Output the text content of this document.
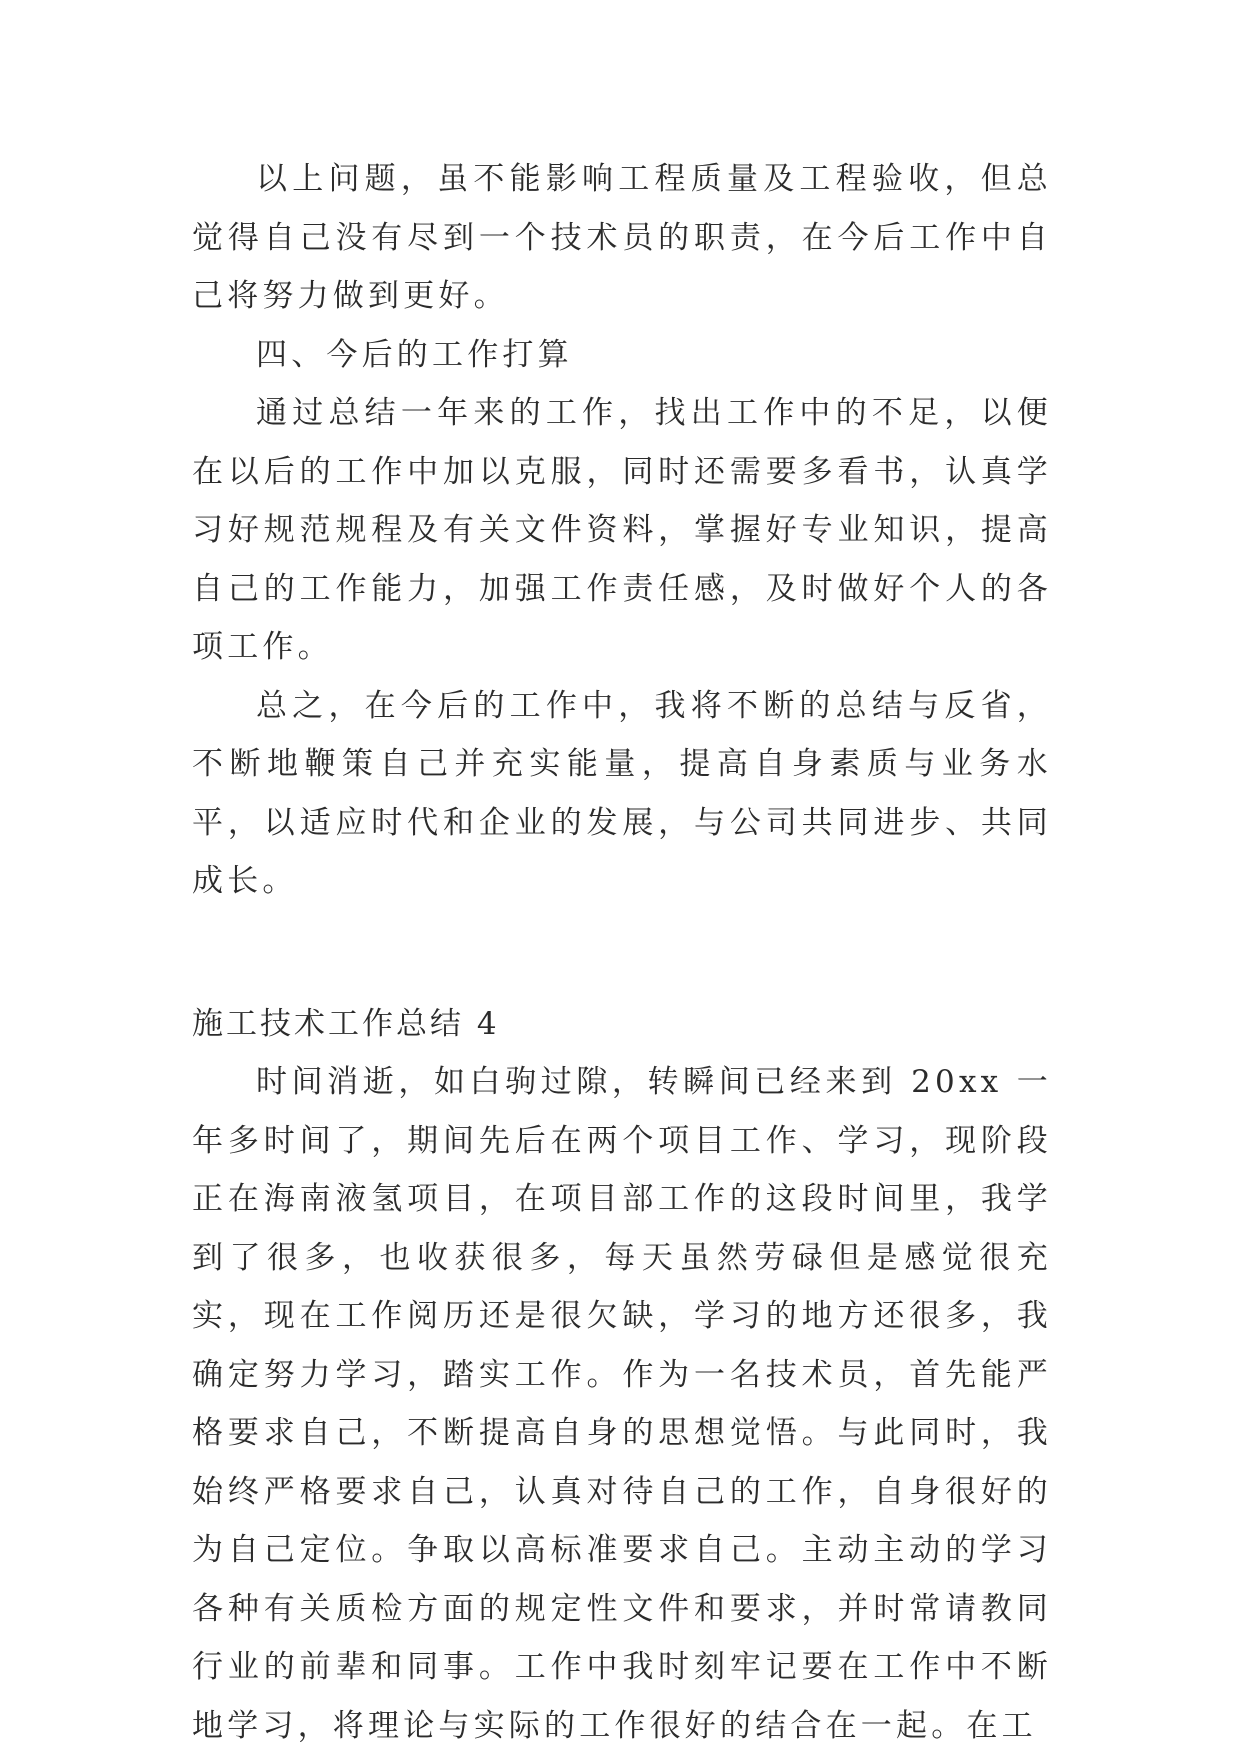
以上问题，虽不能影响工程质量及工程验收，但总觉得自己没有尽到一个技术员的职责，在今后工作中自己将努力做到更好。

四、今后的工作打算

通过总结一年来的工作，找出工作中的不足，以便在以后的工作中加以克服，同时还需要多看书，认真学习好规范规程及有关文件资料，掌握好专业知识，提高自己的工作能力，加强工作责任感，及时做好个人的各项工作。

总之，在今后的工作中，我将不断的总结与反省，不断地鞭策自己并充实能量，提高自身素质与业务水平，以适应时代和企业的发展，与公司共同进步、共同成长。

施工技术工作总结 4

时间消逝，如白驹过隙，转瞬间已经来到 20xx 一年多时间了，期间先后在两个项目工作、学习，现阶段正在海南液氢项目，在项目部工作的这段时间里，我学到了很多，也收获很多，每天虽然劳碌但是感觉很充实，现在工作阅历还是很欠缺，学习的地方还很多，我确定努力学习，踏实工作。作为一名技术员，首先能严格要求自己，不断提高自身的思想觉悟。与此同时，我始终严格要求自己，认真对待自己的工作，自身很好的为自己定位。争取以高标准要求自己。主动主动的学习各种有关质检方面的规定性文件和要求，并时常请教同行业的前辈和同事。工作中我时刻牢记要在工作中不断地学习，将理论与实际的工作很好的结合在一起。在工
